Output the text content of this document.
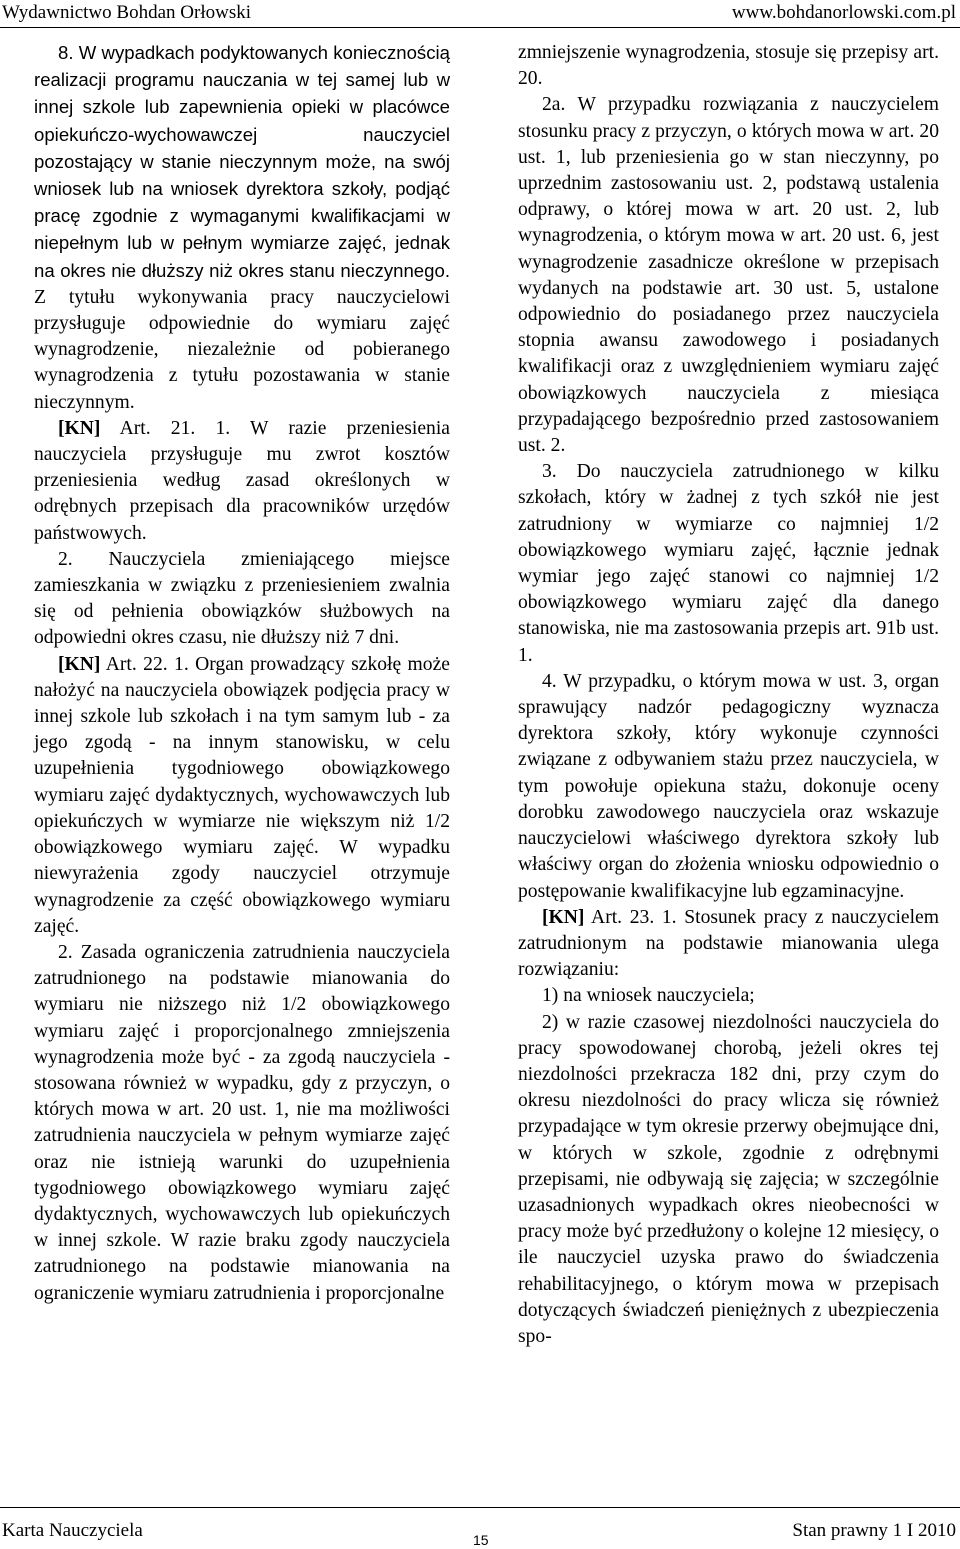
Wydawnictwo Bohdan Orłowski	www.bohdanorlowski.com.pl

8. W wypadkach podyktowanych koniecznością realizacji programu nauczania w tej samej lub w innej szkole lub zapewnienia opieki w placówce opiekuńczo-wychowawczej nauczyciel pozostający w stanie nieczynnym może, na swój wniosek lub na wniosek dyrektora szkoły, podjąć pracę zgodnie z wymaganymi kwalifikacjami w niepełnym lub w pełnym wymiarze zajęć, jednak na okres nie dłuższy niż okres stanu nieczynnego. Z tytułu wykonywania pracy nauczycielowi przysługuje odpowiednie do wymiaru zajęć wynagrodzenie, niezależnie od pobieranego wynagrodzenia z tytułu pozostawania w stanie nieczynnym.

[KN] Art. 21. 1. W razie przeniesienia nauczyciela przysługuje mu zwrot kosztów przeniesienia według zasad określonych w odrębnych przepisach dla pracowników urzędów państwowych.

2. Nauczyciela zmieniającego miejsce zamieszkania w związku z przeniesieniem zwalnia się od pełnienia obowiązków służbowych na odpowiedni okres czasu, nie dłuższy niż 7 dni.

[KN] Art. 22. 1. Organ prowadzący szkołę może nałożyć na nauczyciela obowiązek podjęcia pracy w innej szkole lub szkołach i na tym samym lub - za jego zgodą - na innym stanowisku, w celu uzupełnienia tygodniowego obowiązkowego wymiaru zajęć dydaktycznych, wychowawczych lub opiekuńczych w wymiarze nie większym niż 1/2 obowiązkowego wymiaru zajęć. W wypadku niewyrażenia zgody nauczyciel otrzymuje wynagrodzenie za część obowiązkowego wymiaru zajęć.

2. Zasada ograniczenia zatrudnienia nauczyciela zatrudnionego na podstawie mianowania do wymiaru nie niższego niż 1/2 obowiązkowego wymiaru zajęć i proporcjonalnego zmniejszenia wynagrodzenia może być - za zgodą nauczyciela - stosowana również w wypadku, gdy z przyczyn, o których mowa w art. 20 ust. 1, nie ma możliwości zatrudnienia nauczyciela w pełnym wymiarze zajęć oraz nie istnieją warunki do uzupełnienia tygodniowego obowiązkowego wymiaru zajęć dydaktycznych, wychowawczych lub opiekuńczych w innej szkole. W razie braku zgody nauczyciela zatrudnionego na podstawie mianowania na ograniczenie wymiaru zatrudnienia i proporcjonalne

zmniejszenie wynagrodzenia, stosuje się przepisy art. 20.

2a. W przypadku rozwiązania z nauczycielem stosunku pracy z przyczyn, o których mowa w art. 20 ust. 1, lub przeniesienia go w stan nieczynny, po uprzednim zastosowaniu ust. 2, podstawą ustalenia odprawy, o której mowa w art. 20 ust. 2, lub wynagrodzenia, o którym mowa w art. 20 ust. 6, jest wynagrodzenie zasadnicze określone w przepisach wydanych na podstawie art. 30 ust. 5, ustalone odpowiednio do posiadanego przez nauczyciela stopnia awansu zawodowego i posiadanych kwalifikacji oraz z uwzględnieniem wymiaru zajęć obowiązkowych nauczyciela z miesiąca przypadającego bezpośrednio przed zastosowaniem ust. 2.

3. Do nauczyciela zatrudnionego w kilku szkołach, który w żadnej z tych szkół nie jest zatrudniony w wymiarze co najmniej 1/2 obowiązkowego wymiaru zajęć, łącznie jednak wymiar jego zajęć stanowi co najmniej 1/2 obowiązkowego wymiaru zajęć dla danego stanowiska, nie ma zastosowania przepis art. 91b ust. 1.

4. W przypadku, o którym mowa w ust. 3, organ sprawujący nadzór pedagogiczny wyznacza dyrektora szkoły, który wykonuje czynności związane z odbywaniem stażu przez nauczyciela, w tym powołuje opiekuna stażu, dokonuje oceny dorobku zawodowego nauczyciela oraz wskazuje nauczycielowi właściwego dyrektora szkoły lub właściwy organ do złożenia wniosku odpowiednio o postępowanie kwalifikacyjne lub egzaminacyjne.

[KN] Art. 23. 1. Stosunek pracy z nauczycielem zatrudnionym na podstawie mianowania ulega rozwiązaniu:

1) na wniosek nauczyciela;

2) w razie czasowej niezdolności nauczyciela do pracy spowodowanej chorobą, jeżeli okres tej niezdolności przekracza 182 dni, przy czym do okresu niezdolności do pracy wlicza się również przypadające w tym okresie przerwy obejmujące dni, w których w szkole, zgodnie z odrębnymi przepisami, nie odbywają się zajęcia; w szczególnie uzasadnionych wypadkach okres nieobecności w pracy może być przedłużony o kolejne 12 miesięcy, o ile nauczyciel uzyska prawo do świadczenia rehabilitacyjnego, o którym mowa w przepisach dotyczących świadczeń pieniężnych z ubezpieczenia spo-

Karta Nauczyciela	15	Stan prawny 1 I 2010
